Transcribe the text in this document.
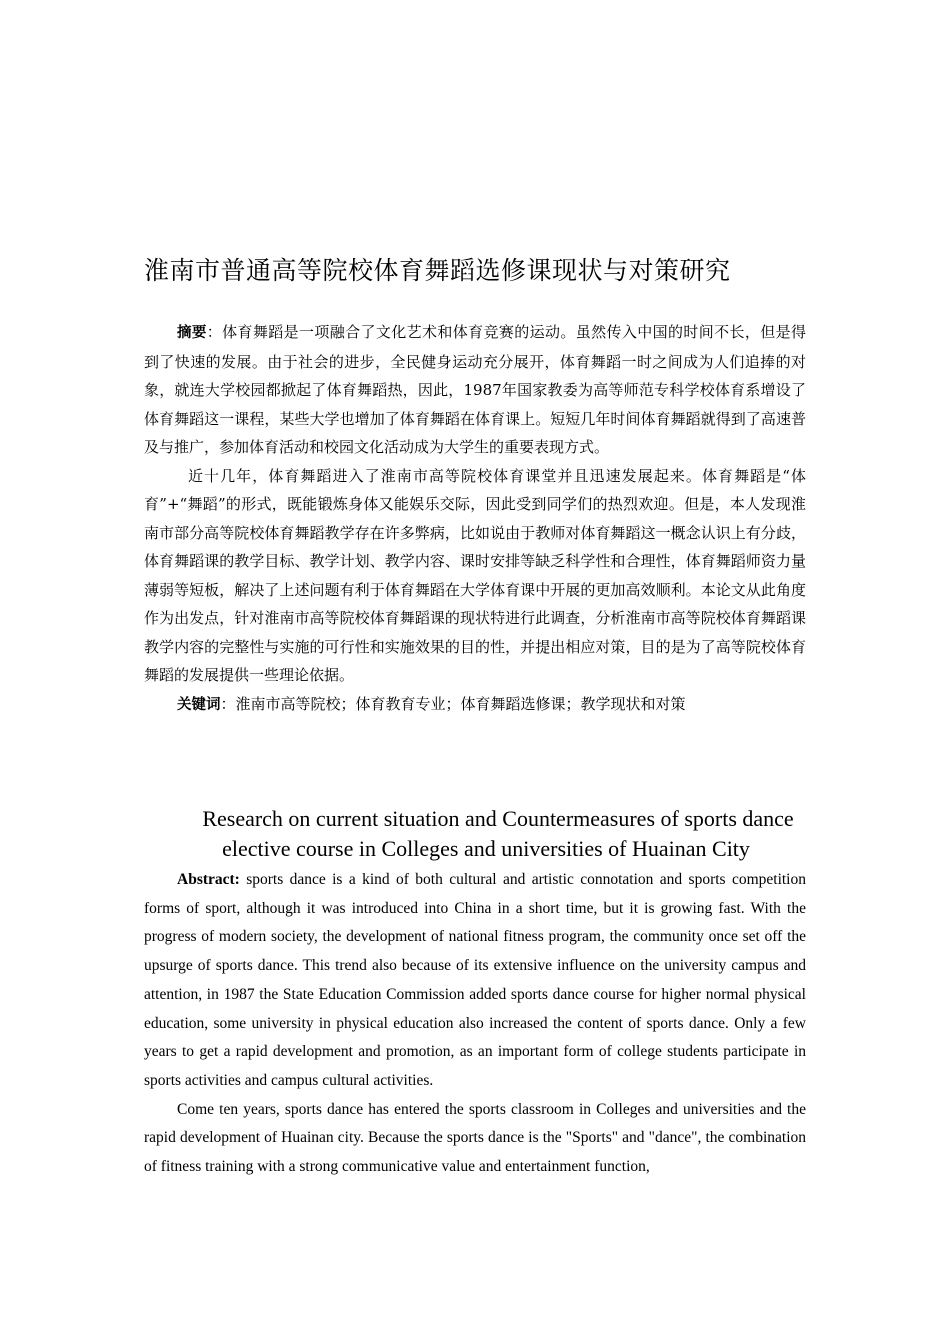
淮南市普通高等院校体育舞蹈选修课现状与对策研究

摘要：体育舞蹈是一项融合了文化艺术和体育竞赛的运动。虽然传入中国的时间不长，但是得到了快速的发展。由于社会的进步，全民健身运动充分展开，体育舞蹈一时之间成为人们追捧的对象，就连大学校园都掀起了体育舞蹈热，因此，1987年国家教委为高等师范专科学校体育系增设了体育舞蹈这一课程，某些大学也增加了体育舞蹈在体育课上。短短几年时间体育舞蹈就得到了高速普及与推广，参加体育活动和校园文化活动成为大学生的重要表现方式。

近十几年，体育舞蹈进入了淮南市高等院校体育课堂并且迅速发展起来。体育舞蹈是“体育”+“舞蹈”的形式，既能锻炼身体又能娱乐交际，因此受到同学们的热烈欢迎。但是，本人发现淮南市部分高等院校体育舞蹈教学存在许多弊病，比如说由于教师对体育舞蹈这一概念认识上有分歧，体育舞蹈课的教学目标、教学计划、教学内容、课时安排等缺乏科学性和合理性，体育舞蹈师资力量薄弱等短板，解决了上述问题有利于体育舞蹈在大学体育课中开展的更加高效顺利。本论文从此角度作为出发点，针对淮南市高等院校体育舞蹈课的现状特进行此调查，分析淮南市高等院校体育舞蹈课教学内容的完整性与实施的可行性和实施效果的目的性，并提出相应对策，目的是为了高等院校体育舞蹈的发展提供一些理论依据。

关键词：淮南市高等院校；体育教育专业；体育舞蹈选修课；教学现状和对策

Research on current situation and Countermeasures of sports dance
elective course in Colleges and universities of Huainan City

Abstract: sports dance is a kind of both cultural and artistic connotation and sports competition forms of sport, although it was introduced into China in a short time, but it is growing fast. With the progress of modern society, the development of national fitness program, the community once set off the upsurge of sports dance. This trend also because of its extensive influence on the university campus and attention, in 1987 the State Education Commission added sports dance course for higher normal physical education, some university in physical education also increased the content of sports dance. Only a few years to get a rapid development and promotion, as an important form of college students participate in sports activities and campus cultural activities.

Come ten years, sports dance has entered the sports classroom in Colleges and universities and the rapid development of Huainan city. Because the sports dance is the "Sports" and "dance", the combination of fitness training with a strong communicative value and entertainment function,
